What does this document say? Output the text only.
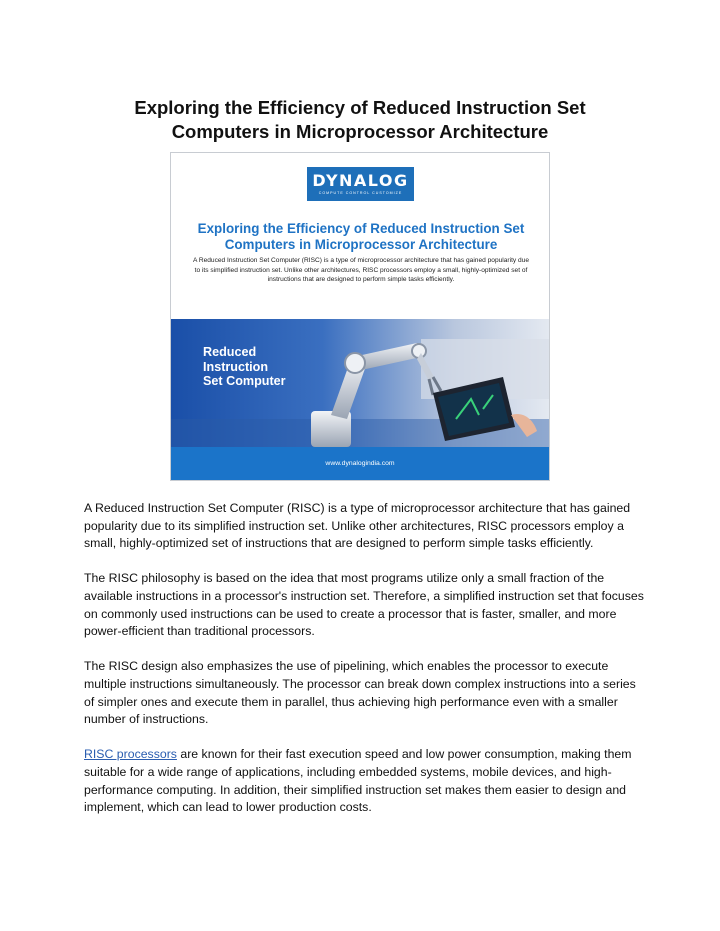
Exploring the Efficiency of Reduced Instruction Set
Computers in Microprocessor Architecture
DYNALOG
COMPUTE CONTROL CUSTOMIZE
Exploring the Efficiency of Reduced Instruction Set
Computers in Microprocessor Architecture
A Reduced Instruction Set Computer (RISC) is a type of microprocessor architecture that has gained popularity due to its simplified instruction set. Unlike other architectures, RISC processors employ a small, highly-optimized set of instructions that are designed to perform simple tasks efficiently.
Reduced
Instruction
Set Computer
www.dynalogindia.com

A Reduced Instruction Set Computer (RISC) is a type of microprocessor architecture that has gained popularity due to its simplified instruction set. Unlike other architectures, RISC processors employ a small, highly-optimized set of instructions that are designed to perform simple tasks efficiently.

The RISC philosophy is based on the idea that most programs utilize only a small fraction of the available instructions in a processor's instruction set. Therefore, a simplified instruction set that focuses on commonly used instructions can be used to create a processor that is faster, smaller, and more power-efficient than traditional processors.

The RISC design also emphasizes the use of pipelining, which enables the processor to execute multiple instructions simultaneously. The processor can break down complex instructions into a series of simpler ones and execute them in parallel, thus achieving high performance even with a smaller number of instructions.

RISC processors are known for their fast execution speed and low power consumption, making them suitable for a wide range of applications, including embedded systems, mobile devices, and high-performance computing. In addition, their simplified instruction set makes them easier to design and implement, which can lead to lower production costs.
